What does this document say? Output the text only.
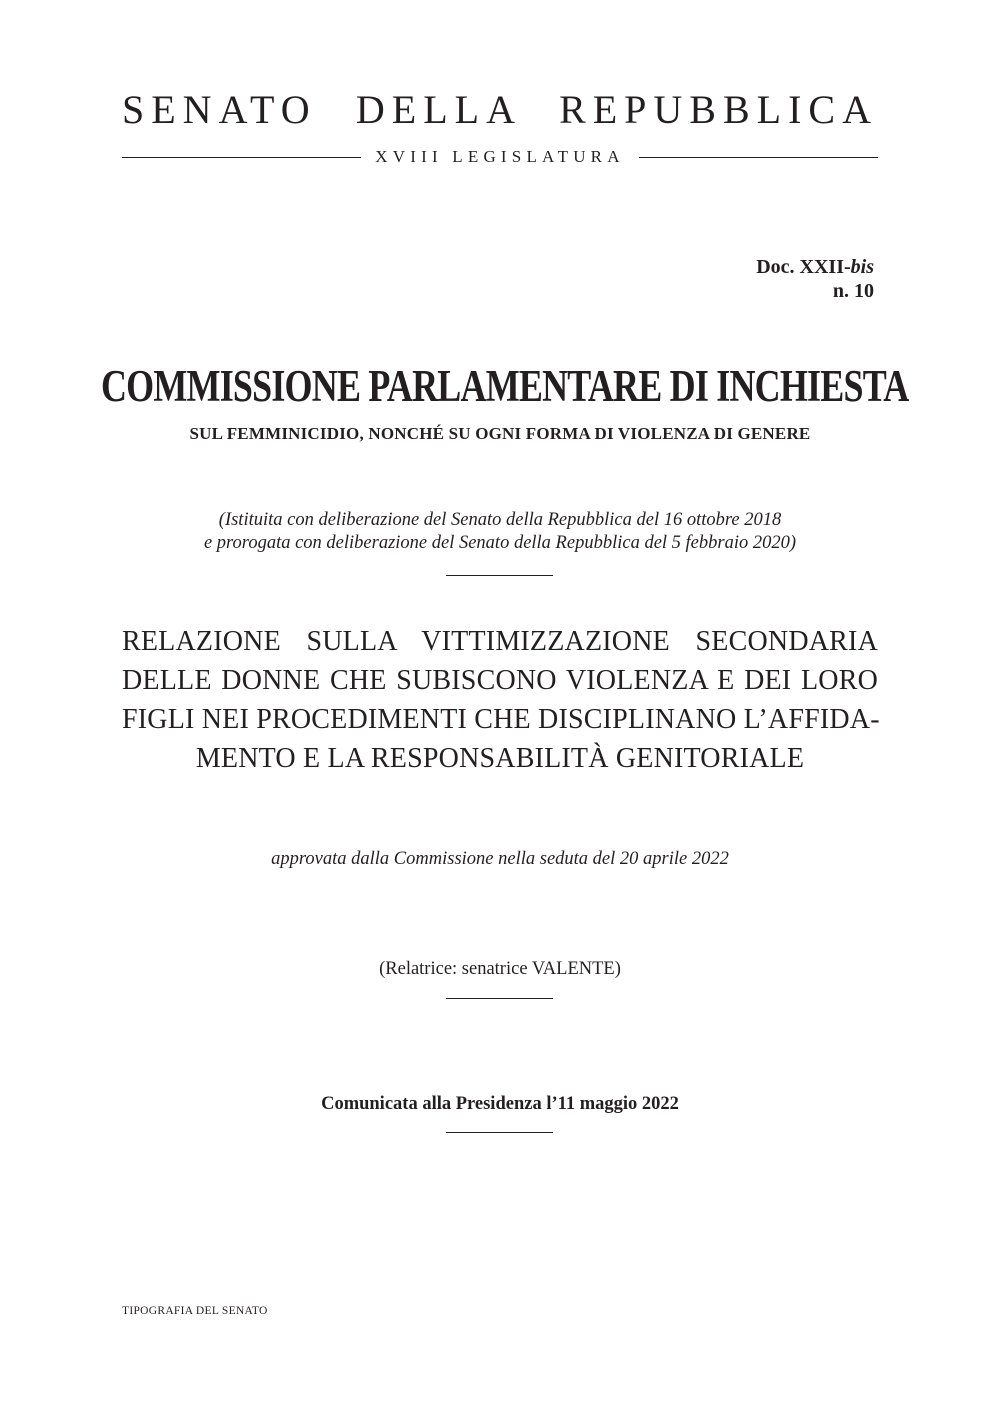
SENATO DELLA REPUBBLICA
XVIII LEGISLATURA
Doc. XXII-bis
n. 10
COMMISSIONE PARLAMENTARE DI INCHIESTA
SUL FEMMINICIDIO, NONCHÉ SU OGNI FORMA DI VIOLENZA DI GENERE
(Istituita con deliberazione del Senato della Repubblica del 16 ottobre 2018
e prorogata con deliberazione del Senato della Repubblica del 5 febbraio 2020)
RELAZIONE SULLA VITTIMIZZAZIONE SECONDARIA
DELLE DONNE CHE SUBISCONO VIOLENZA E DEI LORO
FIGLI NEI PROCEDIMENTI CHE DISCIPLINANO L’AFFIDA-
MENTO E LA RESPONSABILITÀ GENITORIALE
approvata dalla Commissione nella seduta del 20 aprile 2022
(Relatrice: senatrice VALENTE)
Comunicata alla Presidenza l’11 maggio 2022
TIPOGRAFIA DEL SENATO
